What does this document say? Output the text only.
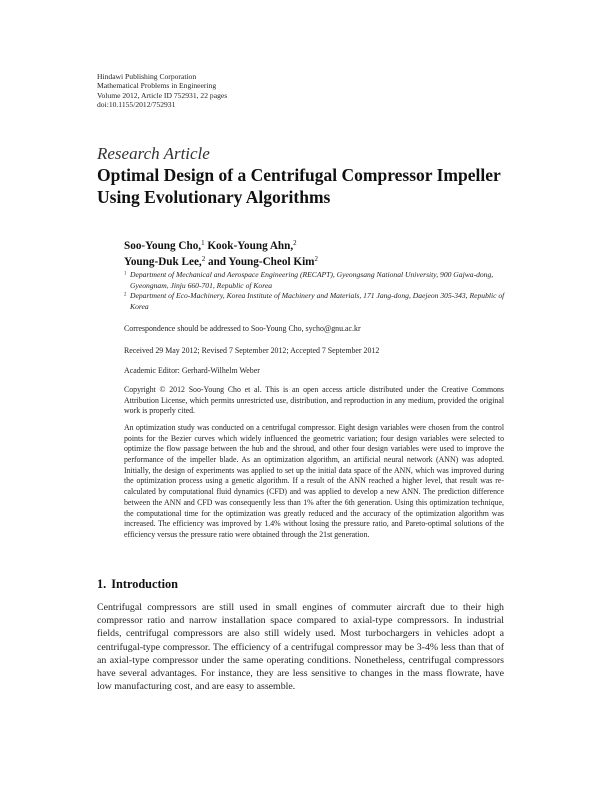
Hindawi Publishing Corporation
Mathematical Problems in Engineering
Volume 2012, Article ID 752931, 22 pages
doi:10.1155/2012/752931
Research Article
Optimal Design of a Centrifugal Compressor Impeller Using Evolutionary Algorithms
Soo-Young Cho,$^1$ Kook-Young Ahn,$^2$
Young-Duk Lee,$^2$ and Young-Cheol Kim$^2$
$^1$ Department of Mechanical and Aerospace Engineering (RECAPT), Gyeongsang National University, 900 Gajwa-dong, Gyeongnam, Jinju 660-701, Republic of Korea
$^2$ Department of Eco-Machinery, Korea Institute of Machinery and Materials, 171 Jang-dong, Daejeon 305-343, Republic of Korea
Correspondence should be addressed to Soo-Young Cho, sycho@gnu.ac.kr
Received 29 May 2012; Revised 7 September 2012; Accepted 7 September 2012
Academic Editor: Gerhard-Wilhelm Weber
Copyright © 2012 Soo-Young Cho et al. This is an open access article distributed under the Creative Commons Attribution License, which permits unrestricted use, distribution, and reproduction in any medium, provided the original work is properly cited.
An optimization study was conducted on a centrifugal compressor. Eight design variables were chosen from the control points for the Bezier curves which widely influenced the geometric variation; four design variables were selected to optimize the flow passage between the hub and the shroud, and other four design variables were used to improve the performance of the impeller blade. As an optimization algorithm, an artificial neural network (ANN) was adopted. Initially, the design of experiments was applied to set up the initial data space of the ANN, which was improved during the optimization process using a genetic algorithm. If a result of the ANN reached a higher level, that result was re-calculated by computational fluid dynamics (CFD) and was applied to develop a new ANN. The prediction difference between the ANN and CFD was consequently less than 1% after the 6th generation. Using this optimization technique, the computational time for the optimization was greatly reduced and the accuracy of the optimization algorithm was increased. The efficiency was improved by 1.4% without losing the pressure ratio, and Pareto-optimal solutions of the efficiency versus the pressure ratio were obtained through the 21st generation.
1. Introduction
Centrifugal compressors are still used in small engines of commuter aircraft due to their high compressor ratio and narrow installation space compared to axial-type compressors. In industrial fields, centrifugal compressors are also still widely used. Most turbochargers in vehicles adopt a centrifugal-type compressor. The efficiency of a centrifugal compressor may be 3-4% less than that of an axial-type compressor under the same operating conditions. Nonetheless, centrifugal compressors have several advantages. For instance, they are less sensitive to changes in the mass flowrate, have low manufacturing cost, and are easy to assemble.
